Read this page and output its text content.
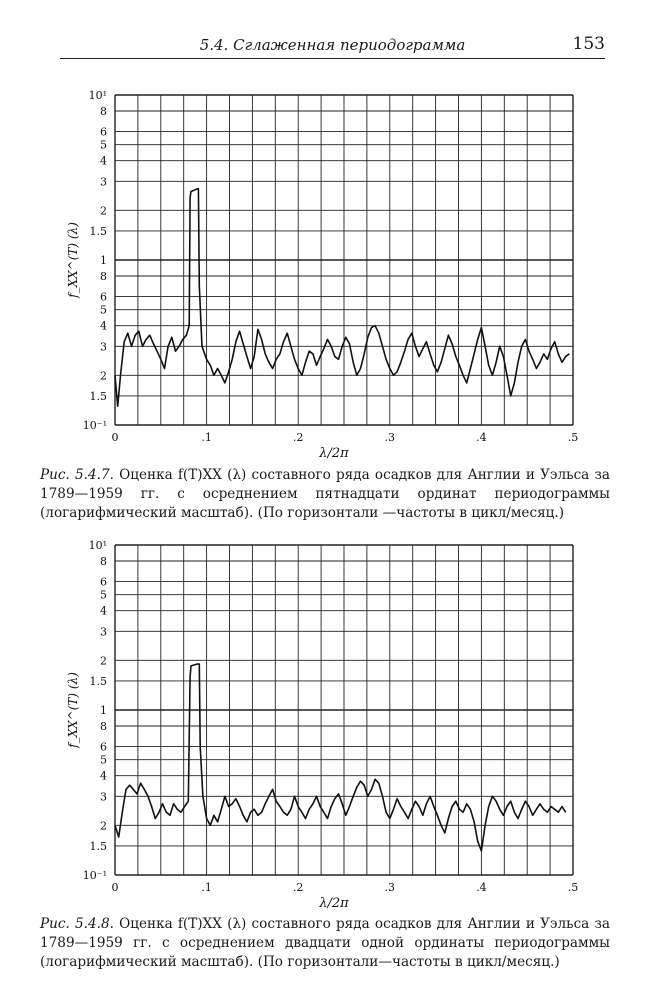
5.4. Сглаженная периодограмма	153
10¹
8
6
5
4
3
2
1.5
1
8
6
5
4
3
2
1.5
10⁻¹
0	.1	.2	.3	.4	.5
λ/2π
f_XX^(T) (λ)
Рис. 5.4.7. Оценка f(T)XX (λ) составного ряда осадков для Англии и Уэльса за 1789—1959 гг. с осреднением пятнадцати ординат периодограммы (логарифмический масштаб). (По горизонтали —частоты в цикл/месяц.)
10¹
8
6
5
4
3
2
1.5
1
8
6
5
4
3
2
1.5
10⁻¹
0	.1	.2	.3	.4	.5
λ/2π
f_XX^(T) (λ)
Рис. 5.4.8. Оценка f(T)XX (λ) составного ряда осадков для Англии и Уэльса за 1789—1959 гг. с осреднением двадцати одной ординаты периодограммы (логарифмический масштаб). (По горизонтали—частоты в цикл/месяц.)
